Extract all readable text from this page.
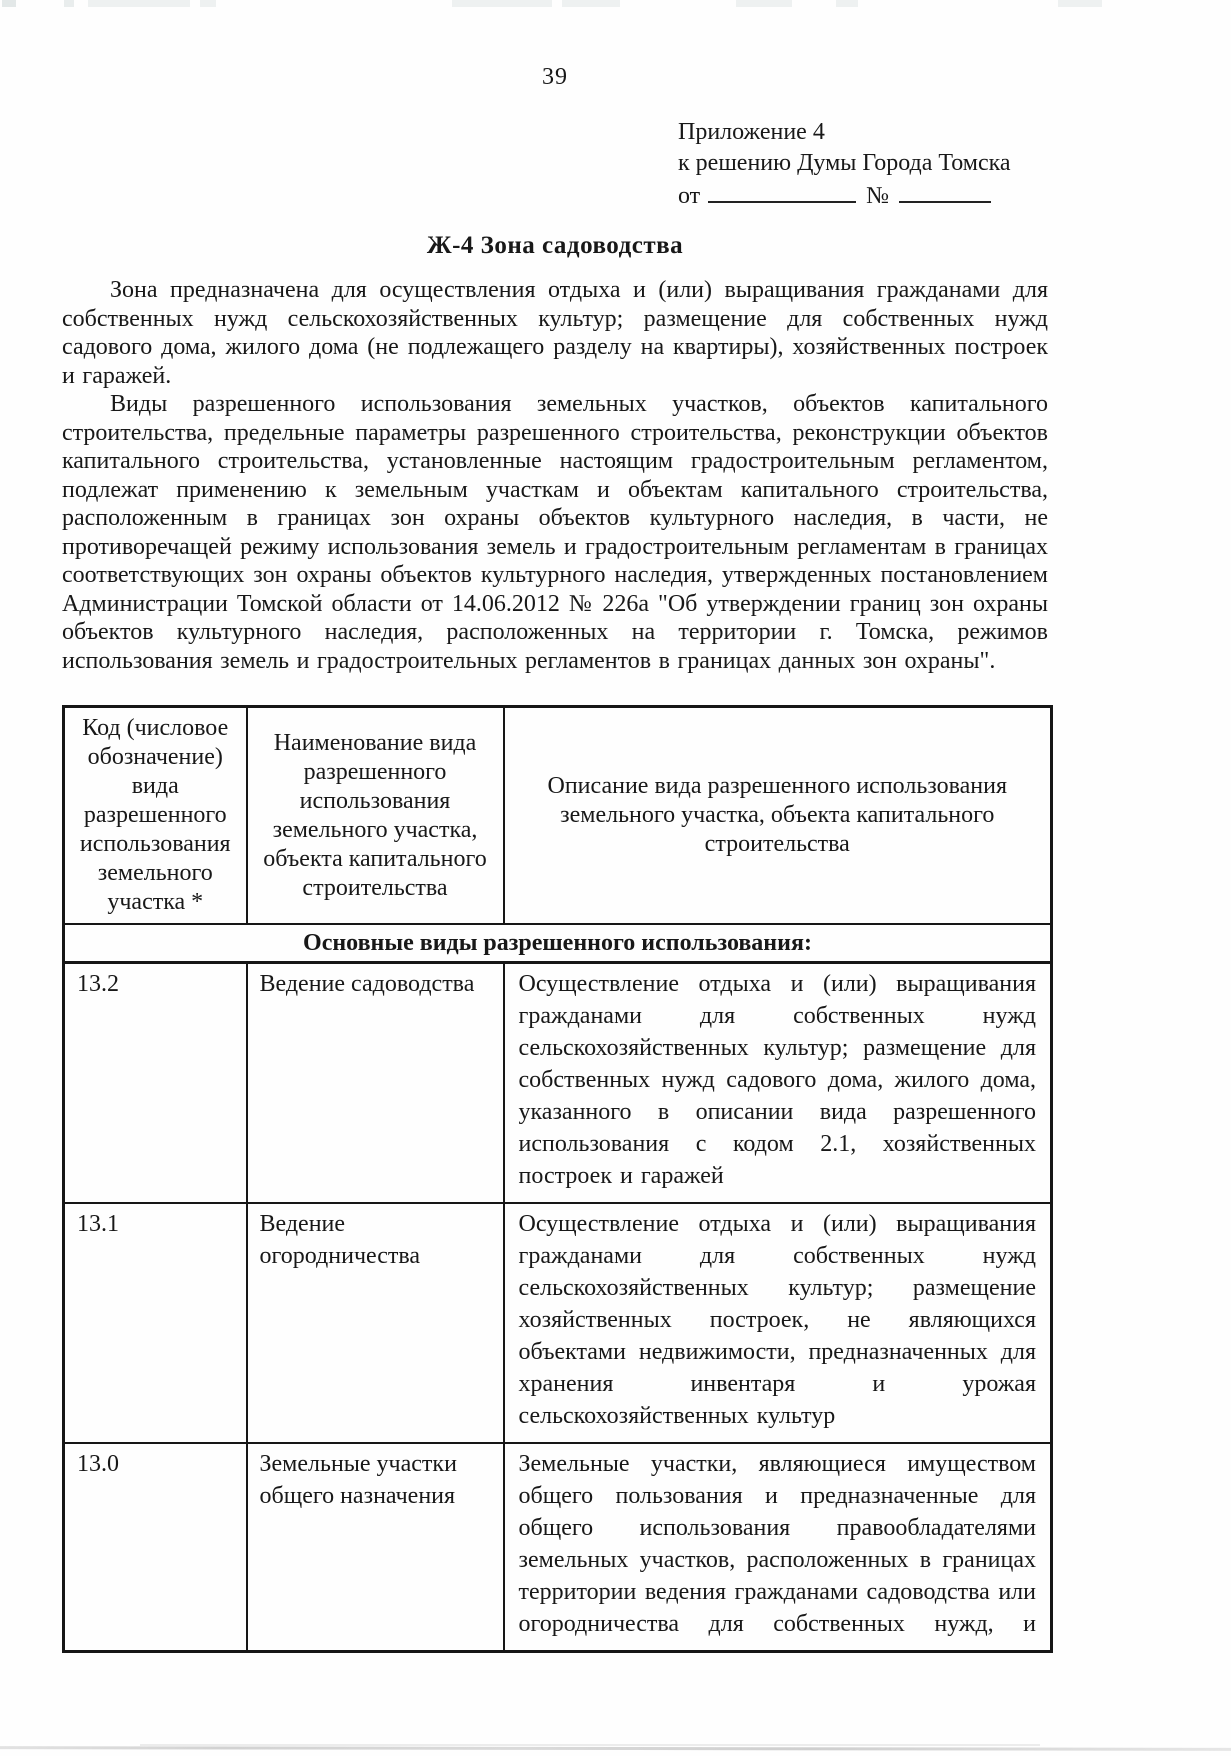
39
Приложение 4
к решению Думы Города Томска
от	№
Ж-4 Зона садоводства

Зона предназначена для осуществления отдыха и (или) выращивания гражданами для собственных нужд сельскохозяйственных культур; размещение для собственных нужд садового дома, жилого дома (не подлежащего разделу на квартиры), хозяйственных построек и гаражей.

Виды разрешенного использования земельных участков, объектов капитального строительства, предельные параметры разрешенного строительства, реконструкции объектов капитального строительства, установленные настоящим градостроительным регламентом, подлежат применению к земельным участкам и объектам капитального строительства, расположенным в границах зон охраны объектов культурного наследия, в части, не противоречащей режиму использования земель и градостроительным регламентам в границах соответствующих зон охраны объектов культурного наследия, утвержденных постановлением Администрации Томской области от 14.06.2012 № 226а "Об утверждении границ зон охраны объектов культурного наследия, расположенных на территории г. Томска, режимов использования земель и градостроительных регламентов в границах данных зон охраны".

Код (числовое обозначение) вида разрешенного использования земельного участка *	Наименование вида разрешенного использования земельного участка, объекта капитального строительства	Описание вида разрешенного использования земельного участка, объекта капитального строительства
Основные виды разрешенного использования:		
13.2	Ведение садоводства	Осуществление отдыха и (или) выращивания гражданами для собственных нужд сельскохозяйственных культур; размещение для собственных нужд садового дома, жилого дома, указанного в описании вида разрешенного использования с кодом 2.1, хозяйственных построек и гаражей
13.1	Ведение огородничества	Осуществление отдыха и (или) выращивания гражданами для собственных нужд сельскохозяйственных культур; размещение хозяйственных построек, не являющихся объектами недвижимости, предназначенных для хранения инвентаря и урожая сельскохозяйственных культур
13.0	Земельные участки общего назначения	Земельные участки, являющиеся имуществом общего пользования и предназначенные для общего использования правообладателями земельных участков, расположенных в границах территории ведения гражданами садоводства или огородничества для собственных нужд, и
